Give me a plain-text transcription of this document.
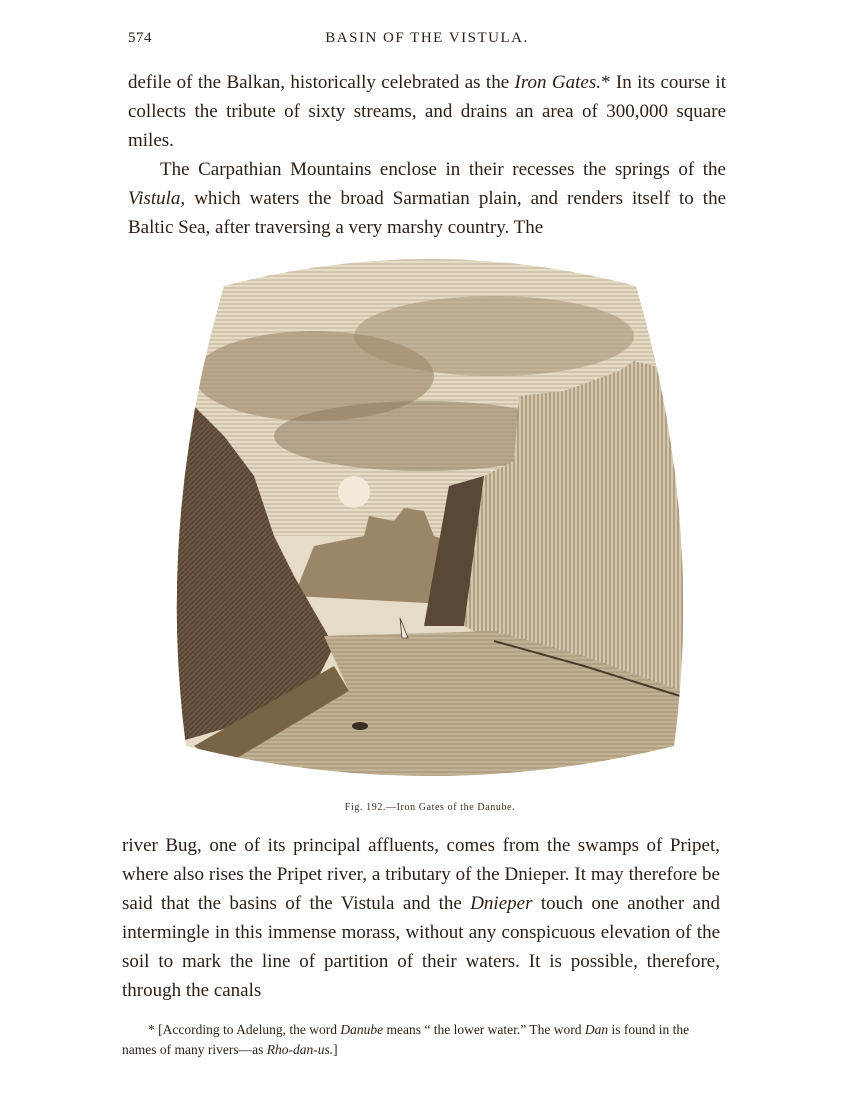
574	BASIN OF THE VISTULA.

defile of the Balkan, historically celebrated as the Iron Gates.* In its course it collects the tribute of sixty streams, and drains an area of 300,000 square miles.

The Carpathian Mountains enclose in their recesses the springs of the Vistula, which waters the broad Sarmatian plain, and renders itself to the Baltic Sea, after traversing a very marshy country. The

Fig. 192.—Iron Gates of the Danube.

river Bug, one of its principal affluents, comes from the swamps of Pripet, where also rises the Pripet river, a tributary of the Dnieper. It may therefore be said that the basins of the Vistula and the Dnieper touch one another and intermingle in this immense morass, without any conspicuous elevation of the soil to mark the line of partition of their waters. It is possible, therefore, through the canals

* [According to Adelung, the word Danube means “ the lower water.” The word Dan is found in the names of many rivers—as Rho-dan-us.]
